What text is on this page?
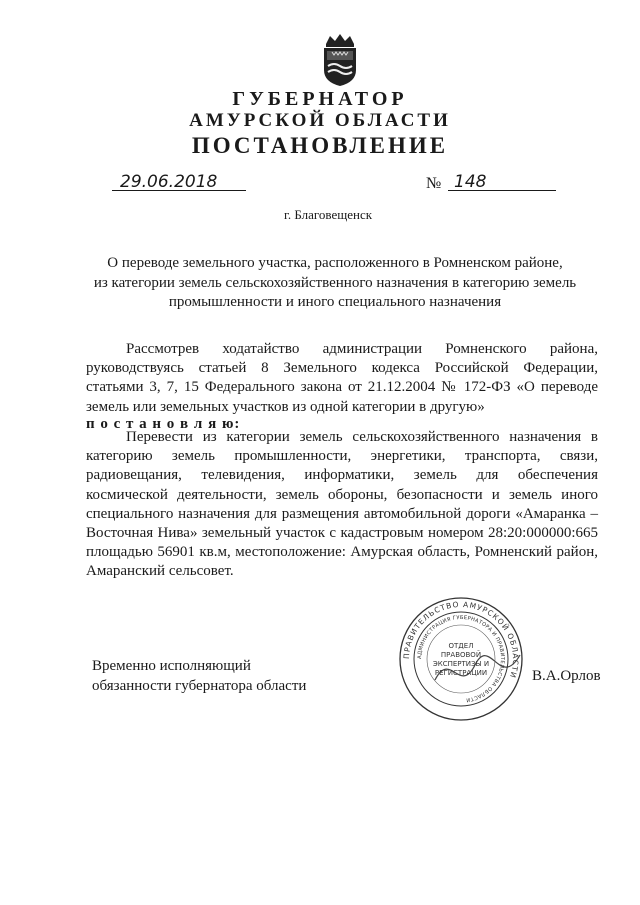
ГУБЕРНАТОР
АМУРСКОЙ ОБЛАСТИ
ПОСТАНОВЛЕНИЕ
29.06.2018	№ 148
г. Благовещенск
О переводе земельного участка, расположенного в Ромненском районе,
из категории земель сельскохозяйственного назначения в категорию земель
промышленности и иного специального назначения
Рассмотрев ходатайство администрации Ромненского района,
руководствуясь статьей 8 Земельного кодекса Российской Федерации,
статьями 3, 7, 15 Федерального закона от 21.12.2004 № 172-ФЗ «О переводе
земель или земельных участков из одной категории в другую»
п о с т а н о в л я ю:
Перевести из категории земель сельскохозяйственного назначения в
категорию земель промышленности, энергетики, транспорта, связи,
радиовещания, телевидения, информатики, земель для обеспечения
космической деятельности, земель обороны, безопасности и земель иного
специального назначения для размещения автомобильной дороги «Амаранка –
Восточная Нива» земельный участок с кадастровым номером 28:20:000000:665
площадью 56901 кв.м, местоположение: Амурская область, Ромненский район,
Амаранский сельсовет.
Временно исполняющий
обязанности губернатора области
В.А.Орлов
ПРАВИТЕЛЬСТВО АМУРСКОЙ ОБЛАСТИ
АДМИНИСТРАЦИЯ ГУБЕРНАТОРА И ПРАВИТЕЛЬСТВА ОБЛАСТИ
ОТДЕЛ
ПРАВОВОЙ
ЭКСПЕРТИЗЫ И
РЕГИСТРАЦИИ
